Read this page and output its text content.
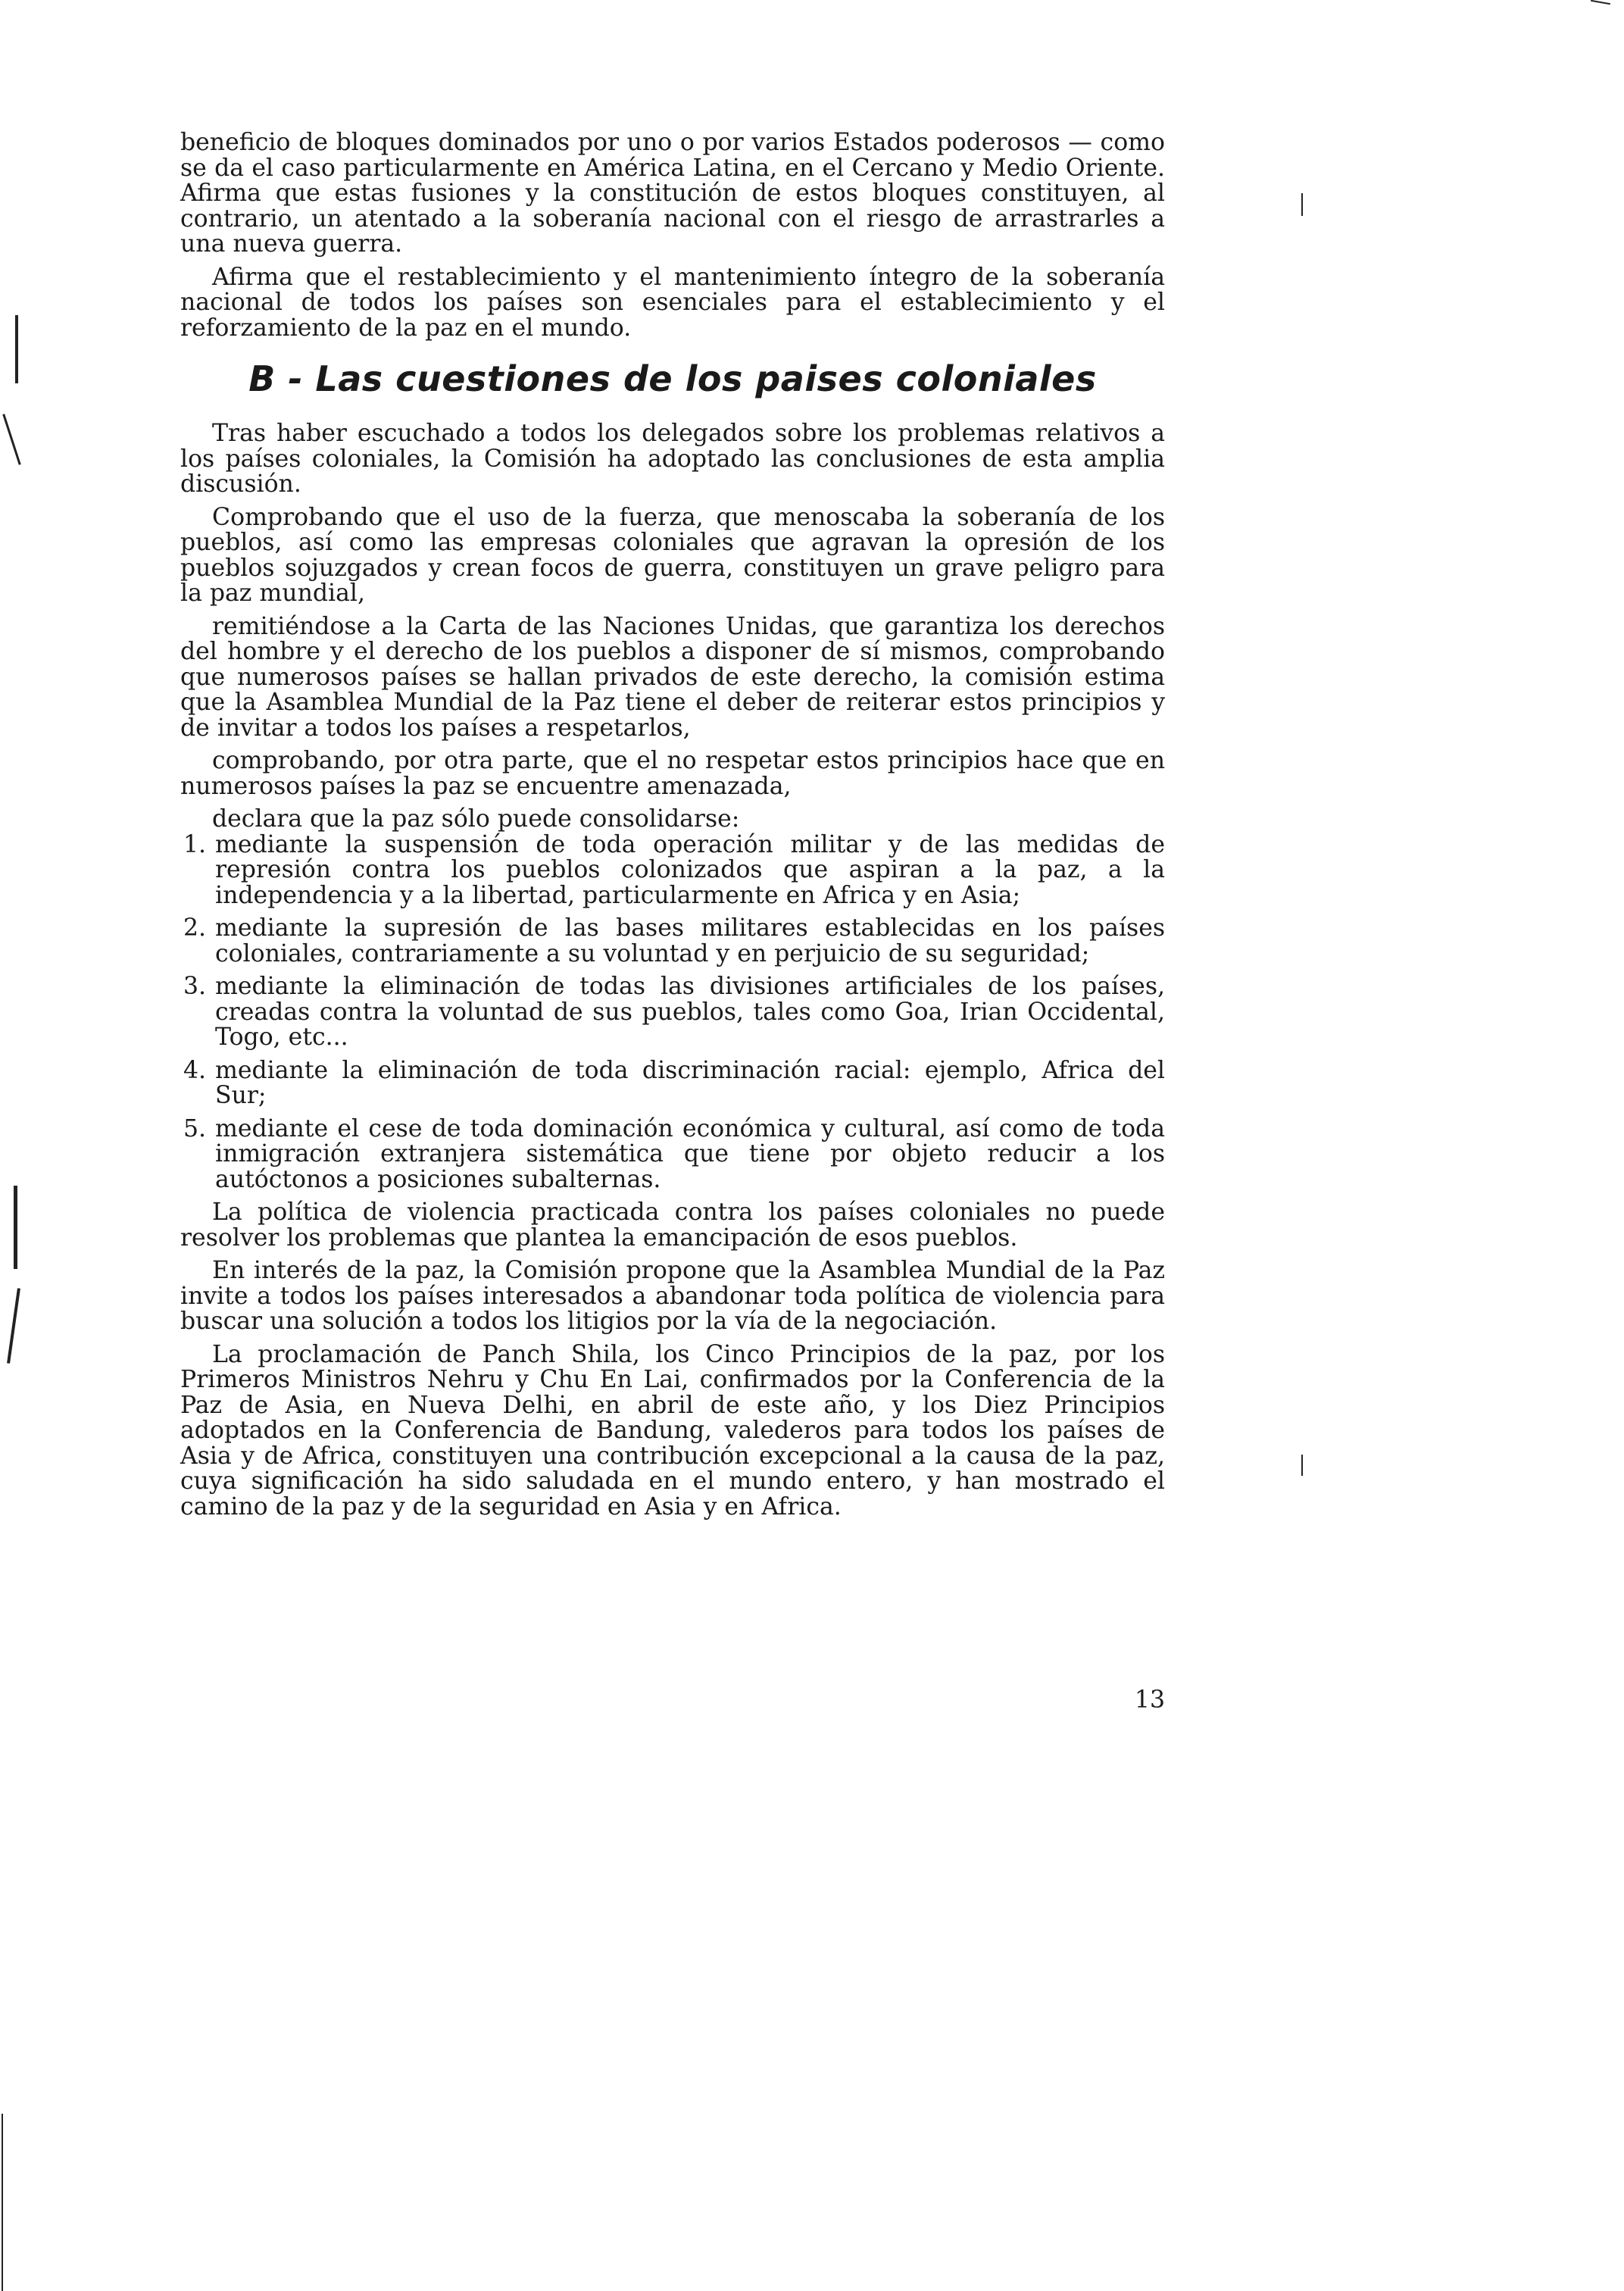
beneficio de bloques dominados por uno o por varios Estados poderosos — como se da el caso particularmente en América Latina, en el Cercano y Medio Oriente. Afirma que estas fusiones y la constitución de estos bloques constituyen, al contrario, un atentado a la soberanía nacional con el riesgo de arrastrarles a una nueva guerra.

Afirma que el restablecimiento y el mantenimiento íntegro de la soberanía nacional de todos los países son esenciales para el establecimiento y el reforzamiento de la paz en el mundo.

B - Las cuestiones de los paises coloniales

Tras haber escuchado a todos los delegados sobre los problemas relativos a los países coloniales, la Comisión ha adoptado las conclusiones de esta amplia discusión.

Comprobando que el uso de la fuerza, que menoscaba la soberanía de los pueblos, así como las empresas coloniales que agravan la opresión de los pueblos sojuzgados y crean focos de guerra, constituyen un grave peligro para la paz mundial,

remitiéndose a la Carta de las Naciones Unidas, que garantiza los derechos del hombre y el derecho de los pueblos a disponer de sí mismos, comprobando que numerosos países se hallan privados de este derecho, la comisión estima que la Asamblea Mundial de la Paz tiene el deber de reiterar estos principios y de invitar a todos los países a respetarlos,

comprobando, por otra parte, que el no respetar estos principios hace que en numerosos países la paz se encuentre amenazada,

declara que la paz sólo puede consolidarse:

1. mediante la suspensión de toda operación militar y de las medidas de represión contra los pueblos colonizados que aspiran a la paz, a la independencia y a la libertad, particularmente en Africa y en Asia;
2. mediante la supresión de las bases militares establecidas en los países coloniales, contrariamente a su voluntad y en perjuicio de su seguridad;
3. mediante la eliminación de todas las divisiones artificiales de los países, creadas contra la voluntad de sus pueblos, tales como Goa, Irian Occidental, Togo, etc...
4. mediante la eliminación de toda discriminación racial: ejemplo, Africa del Sur;
5. mediante el cese de toda dominación económica y cultural, así como de toda inmigración extranjera sistemática que tiene por objeto reducir a los autóctonos a posiciones subalternas.

La política de violencia practicada contra los países coloniales no puede resolver los problemas que plantea la emancipación de esos pueblos.

En interés de la paz, la Comisión propone que la Asamblea Mundial de la Paz invite a todos los países interesados a abandonar toda política de violencia para buscar una solución a todos los litigios por la vía de la negociación.

La proclamación de Panch Shila, los Cinco Principios de la paz, por los Primeros Ministros Nehru y Chu En Lai, confirmados por la Conferencia de la Paz de Asia, en Nueva Delhi, en abril de este año, y los Diez Principios adoptados en la Conferencia de Bandung, valederos para todos los países de Asia y de Africa, constituyen una contribución excepcional a la causa de la paz, cuya significación ha sido saludada en el mundo entero, y han mostrado el camino de la paz y de la seguridad en Asia y en Africa.

13
